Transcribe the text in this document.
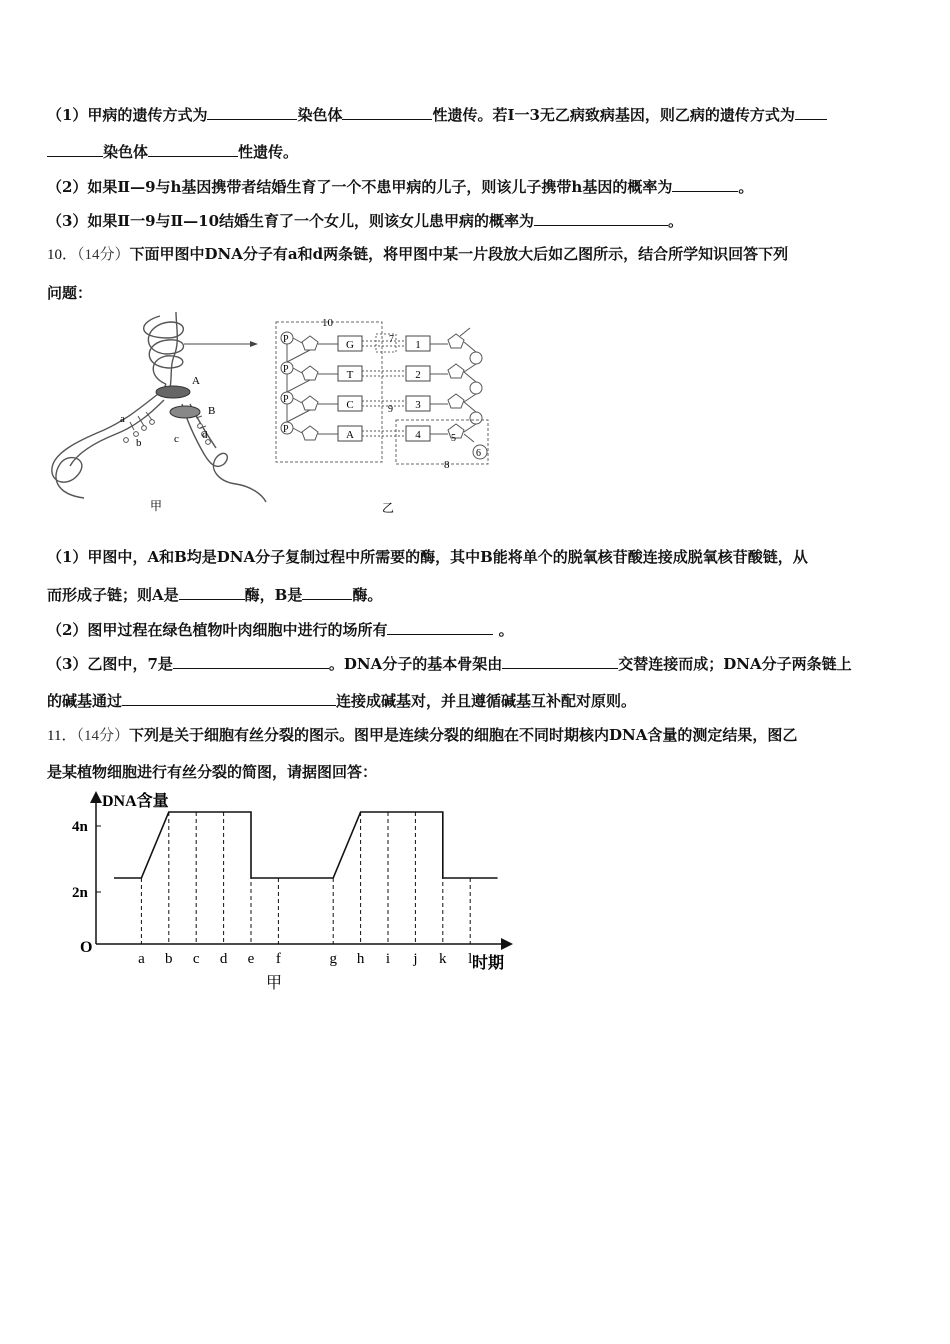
（1）甲病的遗传方式为	染色体	性遗传。若Ⅰ一3无乙病致病基因，则乙病的遗传方式为
染色体	性遗传。
（2）如果Ⅱ—9与h基因携带者结婚生育了一个不患甲病的儿子，则该儿子携带h基因的概率为	。
（3）如果Ⅱ一9与Ⅱ—10结婚生育了一个女儿，则该女儿患甲病的概率为	。
10．（14分）下面甲图中DNA分子有a和d两条链，将甲图中某一片段放大后如乙图所示，结合所学知识回答下列
问题：
A
B
a
b	c d
10
P
P
P
P
G
T
C
A
7
9
1
2
3
4	5
6
8
甲	乙
（1）甲图中，A和B均是DNA分子复制过程中所需要的酶，其中B能将单个的脱氧核苷酸连接成脱氧核苷酸链，从
而形成子链；则A是	酶，B是	酶。
（2）图甲过程在绿色植物叶肉细胞中进行的场所有	。
（3）乙图中，7是	。DNA分子的基本骨架由	交替连接而成；DNA分子两条链上
的碱基通过	连接成碱基对，并且遵循碱基互补配对原则。
11．（14分）下列是关于细胞有丝分裂的图示。图甲是连续分裂的细胞在不同时期核内DNA含量的测定结果，图乙
是某植物细胞进行有丝分裂的简图，请据图回答：
DNA含量
时期
O
2n
4n
a b c d e f	g h i j k l
甲
